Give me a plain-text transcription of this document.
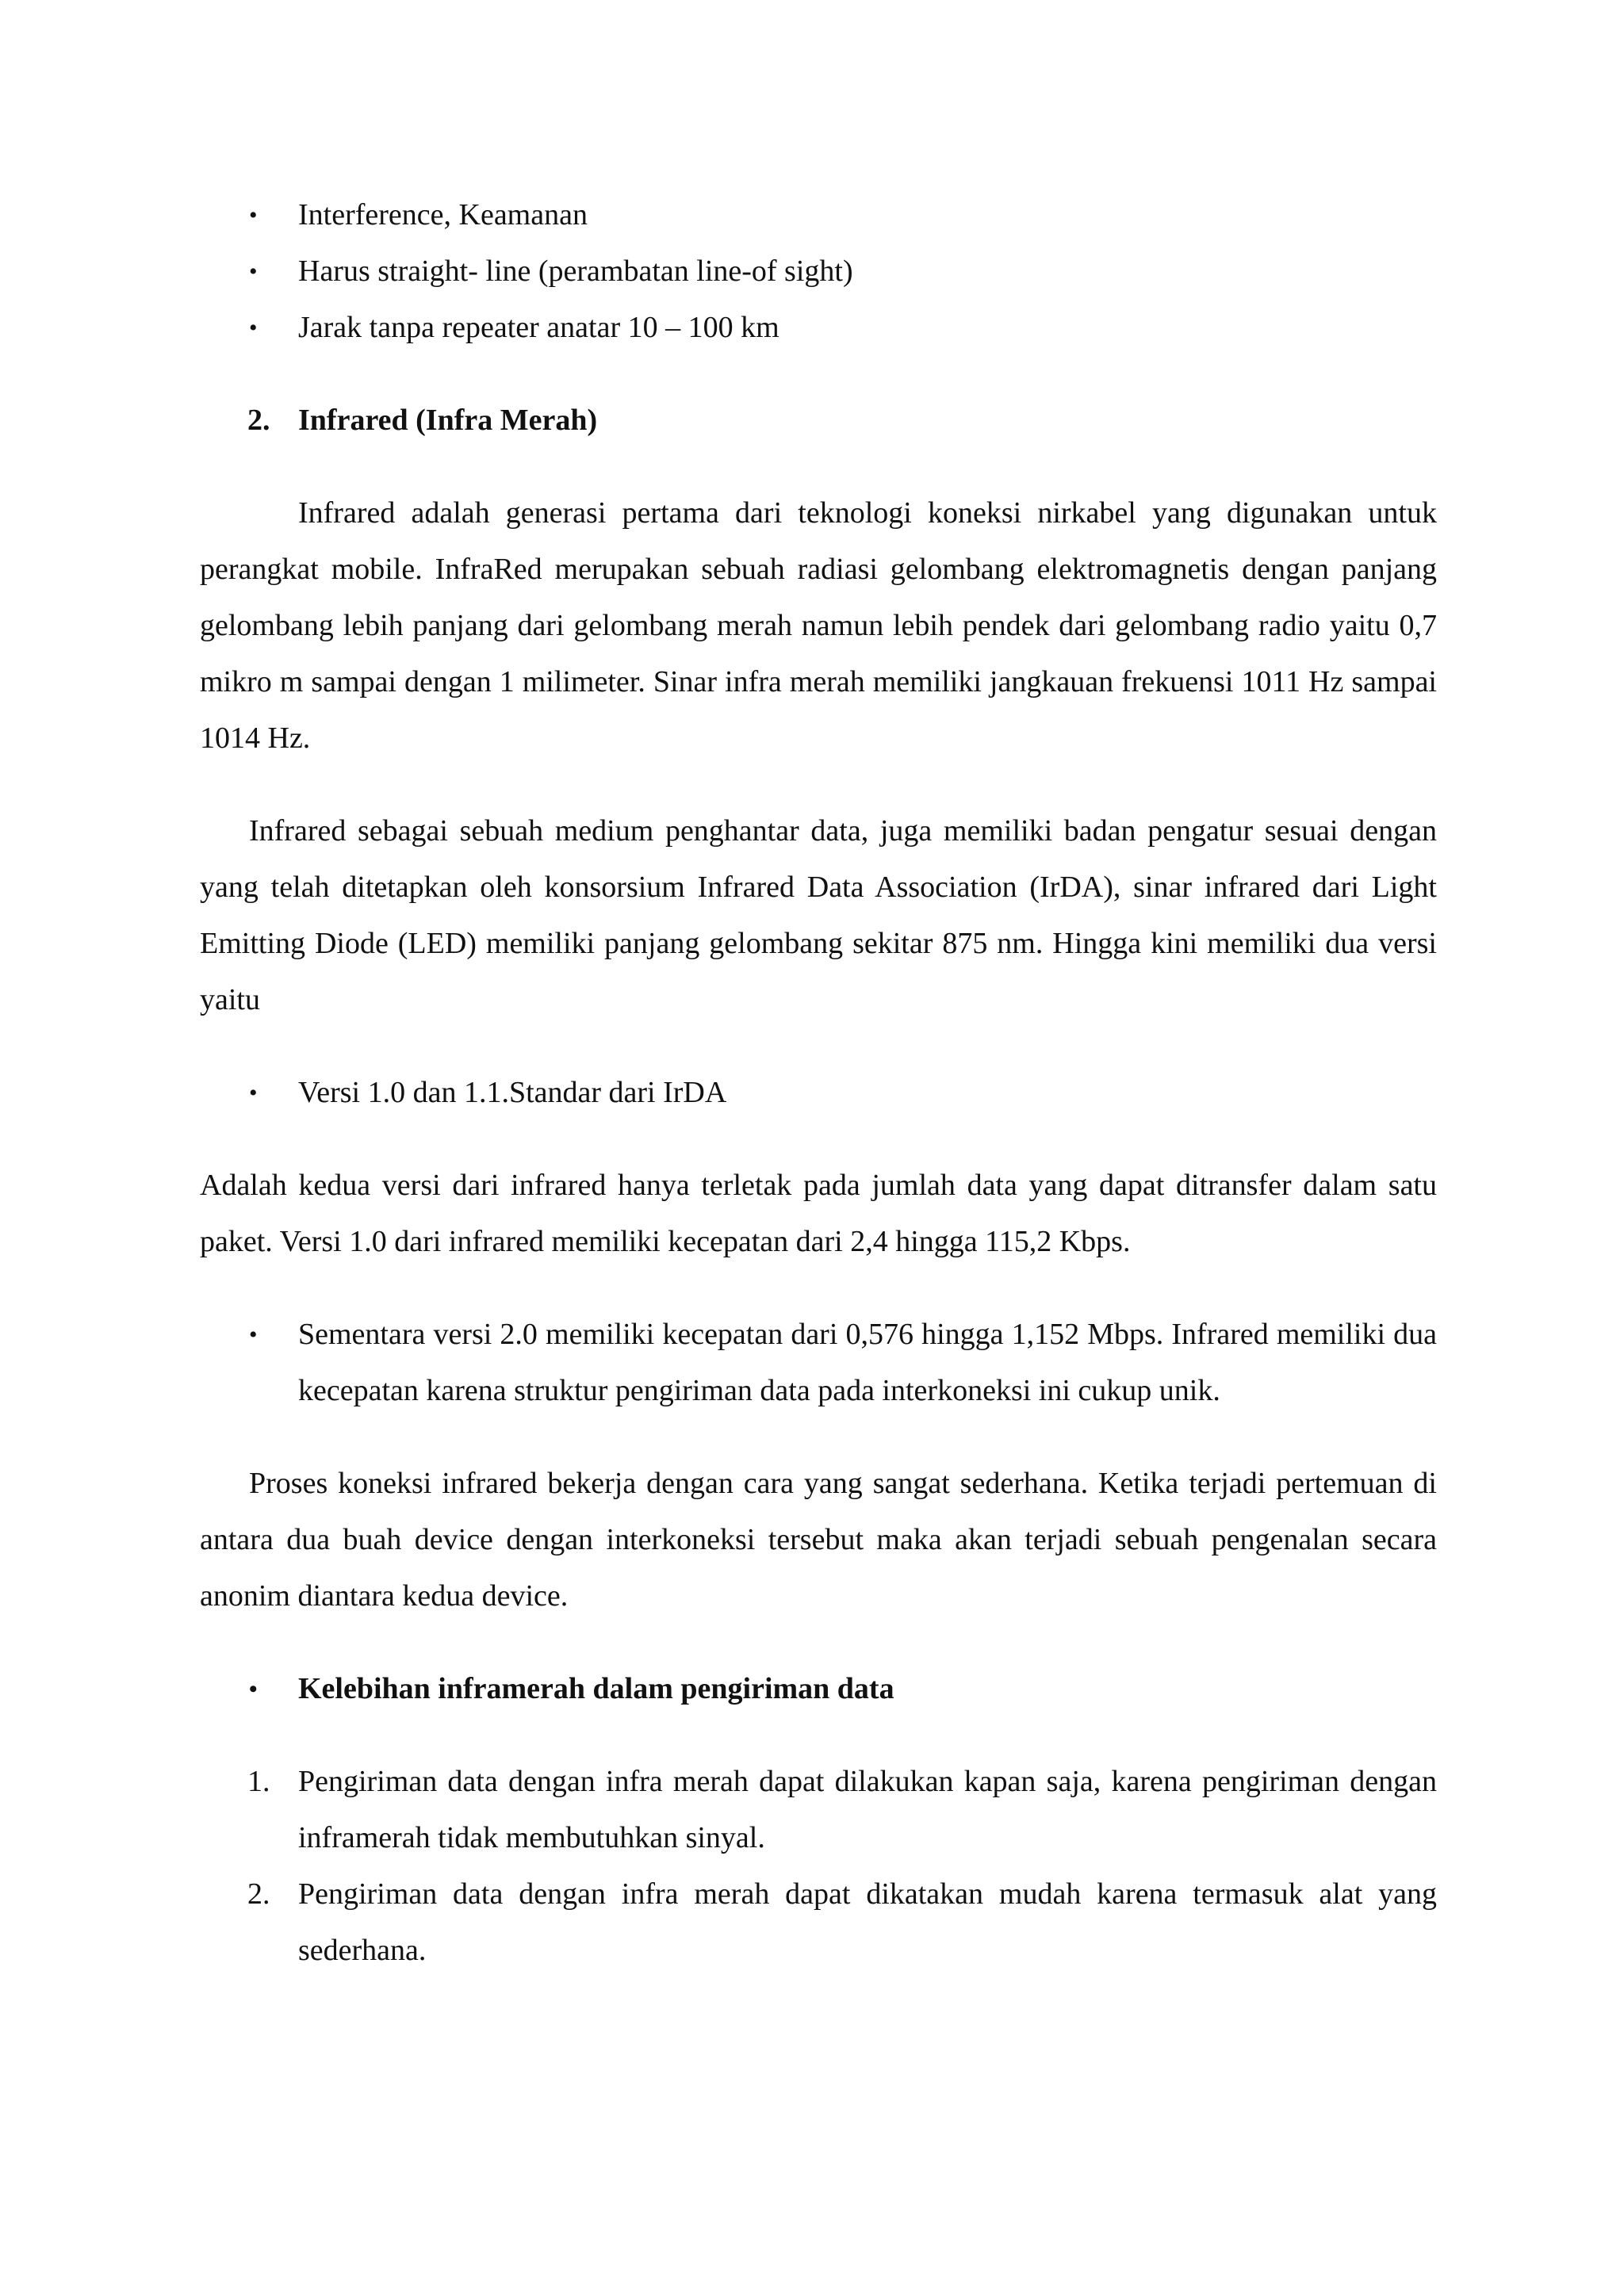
• Interference, Keamanan
• Harus straight- line (perambatan line-of sight)
• Jarak tanpa repeater anatar 10 – 100 km
2. Infrared (Infra Merah)

Infrared adalah generasi pertama dari teknologi koneksi nirkabel yang digunakan untuk perangkat mobile. InfraRed merupakan sebuah radiasi gelombang elektromagnetis dengan panjang gelombang lebih panjang dari gelombang merah namun lebih pendek dari gelombang radio yaitu 0,7 mikro m sampai dengan 1 milimeter. Sinar infra merah memiliki jangkauan frekuensi 1011 Hz sampai 1014 Hz.

Infrared sebagai sebuah medium penghantar data, juga memiliki badan pengatur sesuai dengan yang telah ditetapkan oleh konsorsium Infrared Data Association (IrDA), sinar infrared dari Light Emitting Diode (LED) memiliki panjang gelombang sekitar 875 nm. Hingga kini memiliki dua versi yaitu

• Versi 1.0 dan 1.1.Standar dari IrDA

Adalah kedua versi dari infrared hanya terletak pada jumlah data yang dapat ditransfer dalam satu paket. Versi 1.0 dari infrared memiliki kecepatan dari 2,4 hingga 115,2 Kbps.

• Sementara versi 2.0 memiliki kecepatan dari 0,576 hingga 1,152 Mbps. Infrared memiliki dua kecepatan karena struktur pengiriman data pada interkoneksi ini cukup unik.

Proses koneksi infrared bekerja dengan cara yang sangat sederhana. Ketika terjadi pertemuan di antara dua buah device dengan interkoneksi tersebut maka akan terjadi sebuah pengenalan secara anonim diantara kedua device.

• Kelebihan inframerah dalam pengiriman data
1. Pengiriman data dengan infra merah dapat dilakukan kapan saja, karena pengiriman dengan inframerah tidak membutuhkan sinyal.
2. Pengiriman data dengan infra merah dapat dikatakan mudah karena termasuk alat yang sederhana.
